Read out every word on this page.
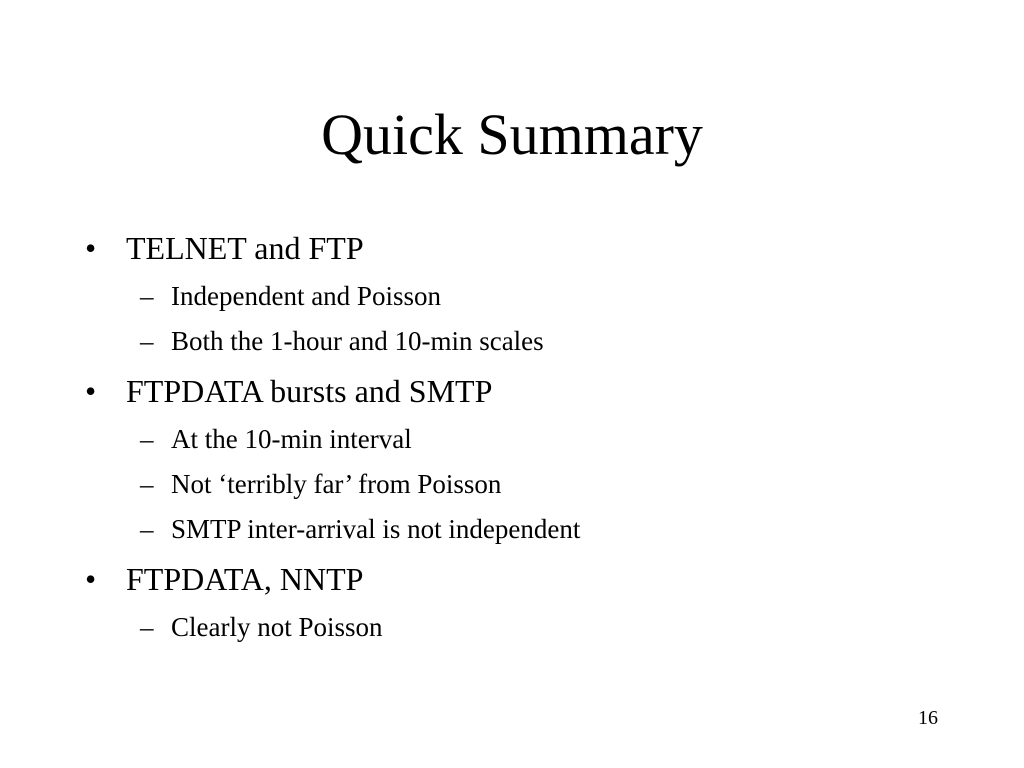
Quick Summary
• TELNET and FTP
– Independent and Poisson
– Both the 1-hour and 10-min scales
• FTPDATA bursts and SMTP
– At the 10-min interval
– Not ‘terribly far’ from Poisson
– SMTP inter-arrival is not independent
• FTPDATA, NNTP
– Clearly not Poisson
16
